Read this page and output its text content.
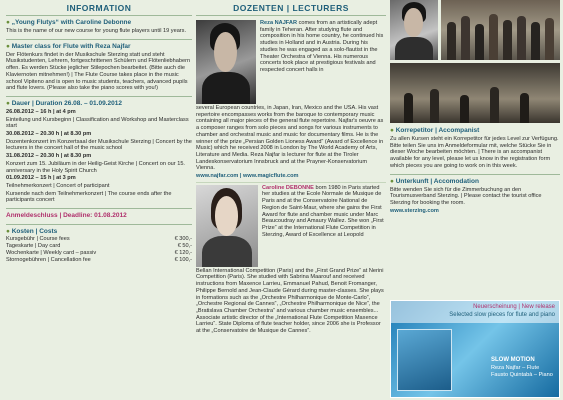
INFORMATION
● „Young Flutys“ with Caroline Debonne
This is the name of our new course for young flute players until 19 years.
● Master class for Flute with Reza Najfar
Der Flötenkurs findet in der Musikschule Sterzing statt und steht Musikstudenten, Lehrern, fortgeschrittenen Schülern und Flötenliebhabern offen. Es werden Stücke jeglicher Stilepochen bearbeitet. (Bitte auch die Klaviernoten mitnehmen!) | The Flute Course takes place in the music school Vipiteno and is open to music students, teachers, advanced pupils and flute lovers. (Please also take the piano scores with you!)
● Dauer | Duration 26.08. – 01.09.2012
26.08.2012 – 16 h | at 4 pm
Einteilung und Kursbeginn | Classification and Workshop and Masterclass start
30.08.2012 – 20.30 h | at 8.30 pm
Dozentenkonzert im Konzertsaal der Musikschule Sterzing | Concert by the lecturers in the concert hall of the music school
31.08.2012 – 20.30 h | at 8.30 pm
Konzert zum 15. Jubiläum in der Heilig-Geist Kirche | Concert on our 15. anniversary in the Holy Spirit Church
01.09.2012 – 15 h | at 3 pm
Teilnehmerkonzert | Concert of participant
Kursende nach dem Teilnehmerkonzert | The course ends after the participants concert
Anmeldeschluss | Deadline: 01.08.2012
● Kosten | Costs
Kursgebühr | Course fees	€ 300,-
Tageskarte | Day card	€ 50,-
Wochenkarte | Weekly card – passiv	€ 120,-
Stornogebühren | Cancellation fee	€ 100,-
DOZENTEN | LECTURERS
Reza NAJFAR comes from an artistically adept family in Teheran. After studying flute and composition in his home country, he continued his studies in Holland and in Austria. During his studies he was engaged as a solo-flautist in the Theater Orchestra of Vienna. His numerous concerts took place at prestigious festivals and respected concert halls in
several European countries, in Japan, Iran, Mexico and the USA. His vast repertoire encompasses works from the baroque to contemporary music containing all major pieces of the general flute repertoire. Najfar's oeuvre as a composer ranges from solo pieces and songs for various instruments to chamber and orchestral music and music for documentary films. He is the winner of the prize „Persian Golden Lioness Award“ (Award of Excellence in Music) which he received 2008 in London by The World Academy of Arts, Literature and Media. Reza Najfar is lecturer for flute at the Tiroler Landeskonservatorium Innsbruck and at the Prayner-Konservatorium Vienna.
www.najfar.com | www.magicflute.com
Caroline DEBONNE born 1980 in Paris started her studies at the Ecole Normale de Musique de Paris and at the Conservatoire National de Region de Saint-Maur, where she gains the First Award for flute and chamber music under Marc Beaucoudray and Amaury Wallez. She won „First Prize“ at the International Flute Competition in Sterzing, Award of Excellence at Leopold
Bellan International Competition (Paris) and the „First Grand Prize“ at Nerini Competition (Paris). She studied with Sabrina Maarouf and received instructions from Maxence Larrieu, Emmanuel Pahud, Benoit Fromanger, Philippe Bernold and Jean-Claude Gérard during master-classes. She plays in formations such as the „Orchestre Philharmonique de Monte-Carlo“, „Orchestre Regional de Cannes“, „Orchestre Philharmonique de Nice“, the „Bratislava Chamber Orchestra“ and various chamber music ensembles... Associate artistic director of the „International Flute Competition Maxence Larrieu“. State Diploma of flute teacher holder, since 2006 she is Professor at the „Conservatoire de Musique de Cannes“.
● Korrepetitor | Accompanist
Zu allen Kursen steht ein Korrepetitor für jedes Level zur Verfügung. Bitte teilen Sie uns im Anmeldeformular mit, welche Stücke Sie in dieser Woche bearbeiten möchten. | There is an accompanist available for any level, please let us know in the registration form which pieces you are going to work on in this week.
● Unterkunft | Accomodation
Bitte wenden Sie sich für die Zimmerbuchung an den Tourismusverband Sterzing. | Please contact the tourist office Sterzing for booking the room.
www.sterzing.com
Neuerscheinung | New release
Selected slow pieces for flute and piano
SLOW MOTION
Reza Najfar – Flute
Fausto Quintabà – Piano
